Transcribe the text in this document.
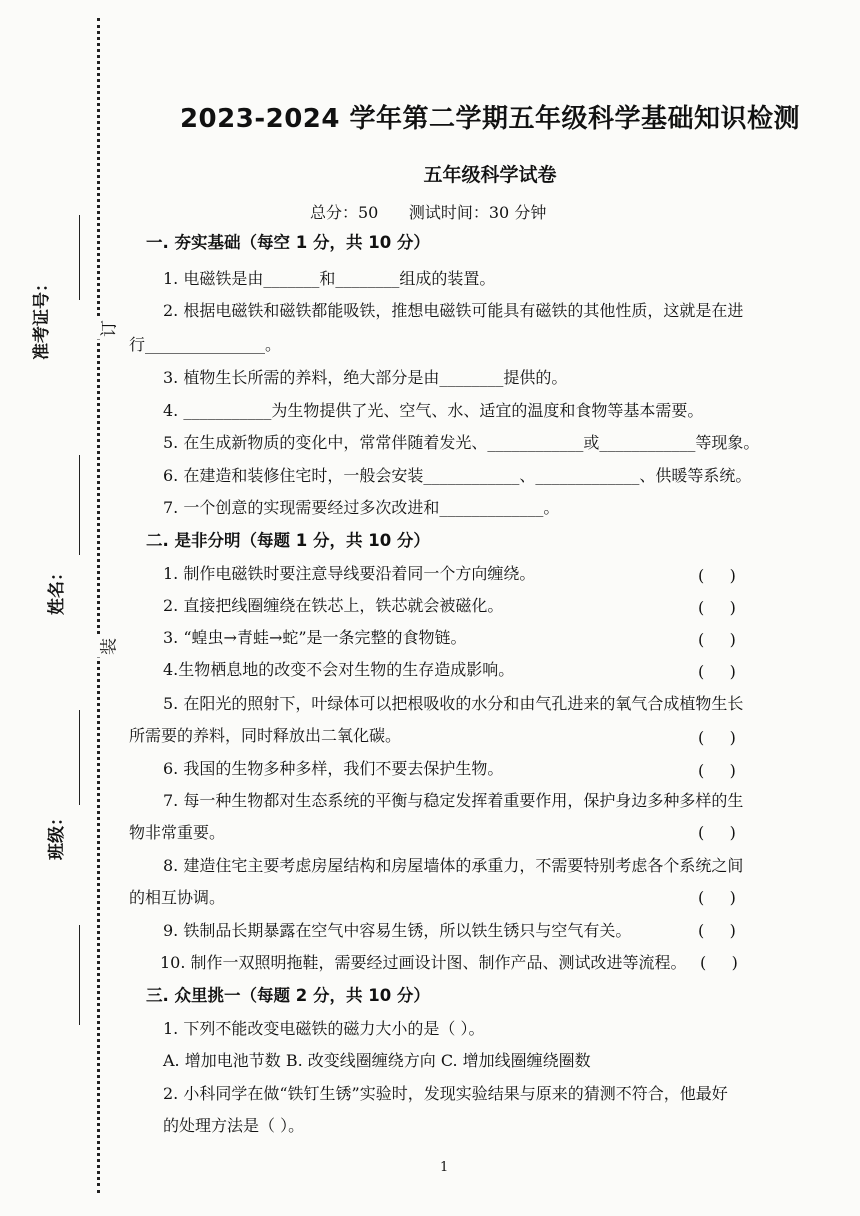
订
装
准考证号：
姓名：
班级：
2023-2024 学年第二学期五年级科学基础知识检测
五年级科学试卷
总分：50      测试时间：30 分钟
一. 夯实基础（每空 1 分，共 10 分）
1. 电磁铁是由_______和________组成的装置。
2. 根据电磁铁和磁铁都能吸铁，推想电磁铁可能具有磁铁的其他性质，这就是在进
行_______________。
3. 植物生长所需的养料，绝大部分是由________提供的。
4. ___________为生物提供了光、空气、水、适宜的温度和食物等基本需要。
5. 在生成新物质的变化中，常常伴随着发光、____________或____________等现象。
6. 在建造和装修住宅时，一般会安装____________、_____________、供暖等系统。
7. 一个创意的实现需要经过多次改进和_____________。
二. 是非分明（每题 1 分，共 10 分）
1. 制作电磁铁时要注意导线要沿着同一个方向缠绕。	(     )
2. 直接把线圈缠绕在铁芯上，铁芯就会被磁化。	(     )
3. “蝗虫→青蛙→蛇”是一条完整的食物链。	(     )
4.生物栖息地的改变不会对生物的生存造成影响。	(     )
5. 在阳光的照射下，叶绿体可以把根吸收的水分和由气孔进来的氧气合成植物生长
所需要的养料，同时释放出二氧化碳。	(     )
6. 我国的生物多种多样，我们不要去保护生物。	(     )
7. 每一种生物都对生态系统的平衡与稳定发挥着重要作用，保护身边多种多样的生
物非常重要。	(     )
8. 建造住宅主要考虑房屋结构和房屋墙体的承重力，不需要特别考虑各个系统之间
的相互协调。	(     )
9. 铁制品长期暴露在空气中容易生锈，所以铁生锈只与空气有关。	(     )
10. 制作一双照明拖鞋，需要经过画设计图、制作产品、测试改进等流程。 (     )
三. 众里挑一（每题 2 分，共 10 分）
1. 下列不能改变电磁铁的磁力大小的是（ ）。
A. 增加电池节数 B. 改变线圈缠绕方向 C. 增加线圈缠绕圈数
2. 小科同学在做“铁钉生锈”实验时，发现实验结果与原来的猜测不符合，他最好
的处理方法是（ ）。
1
